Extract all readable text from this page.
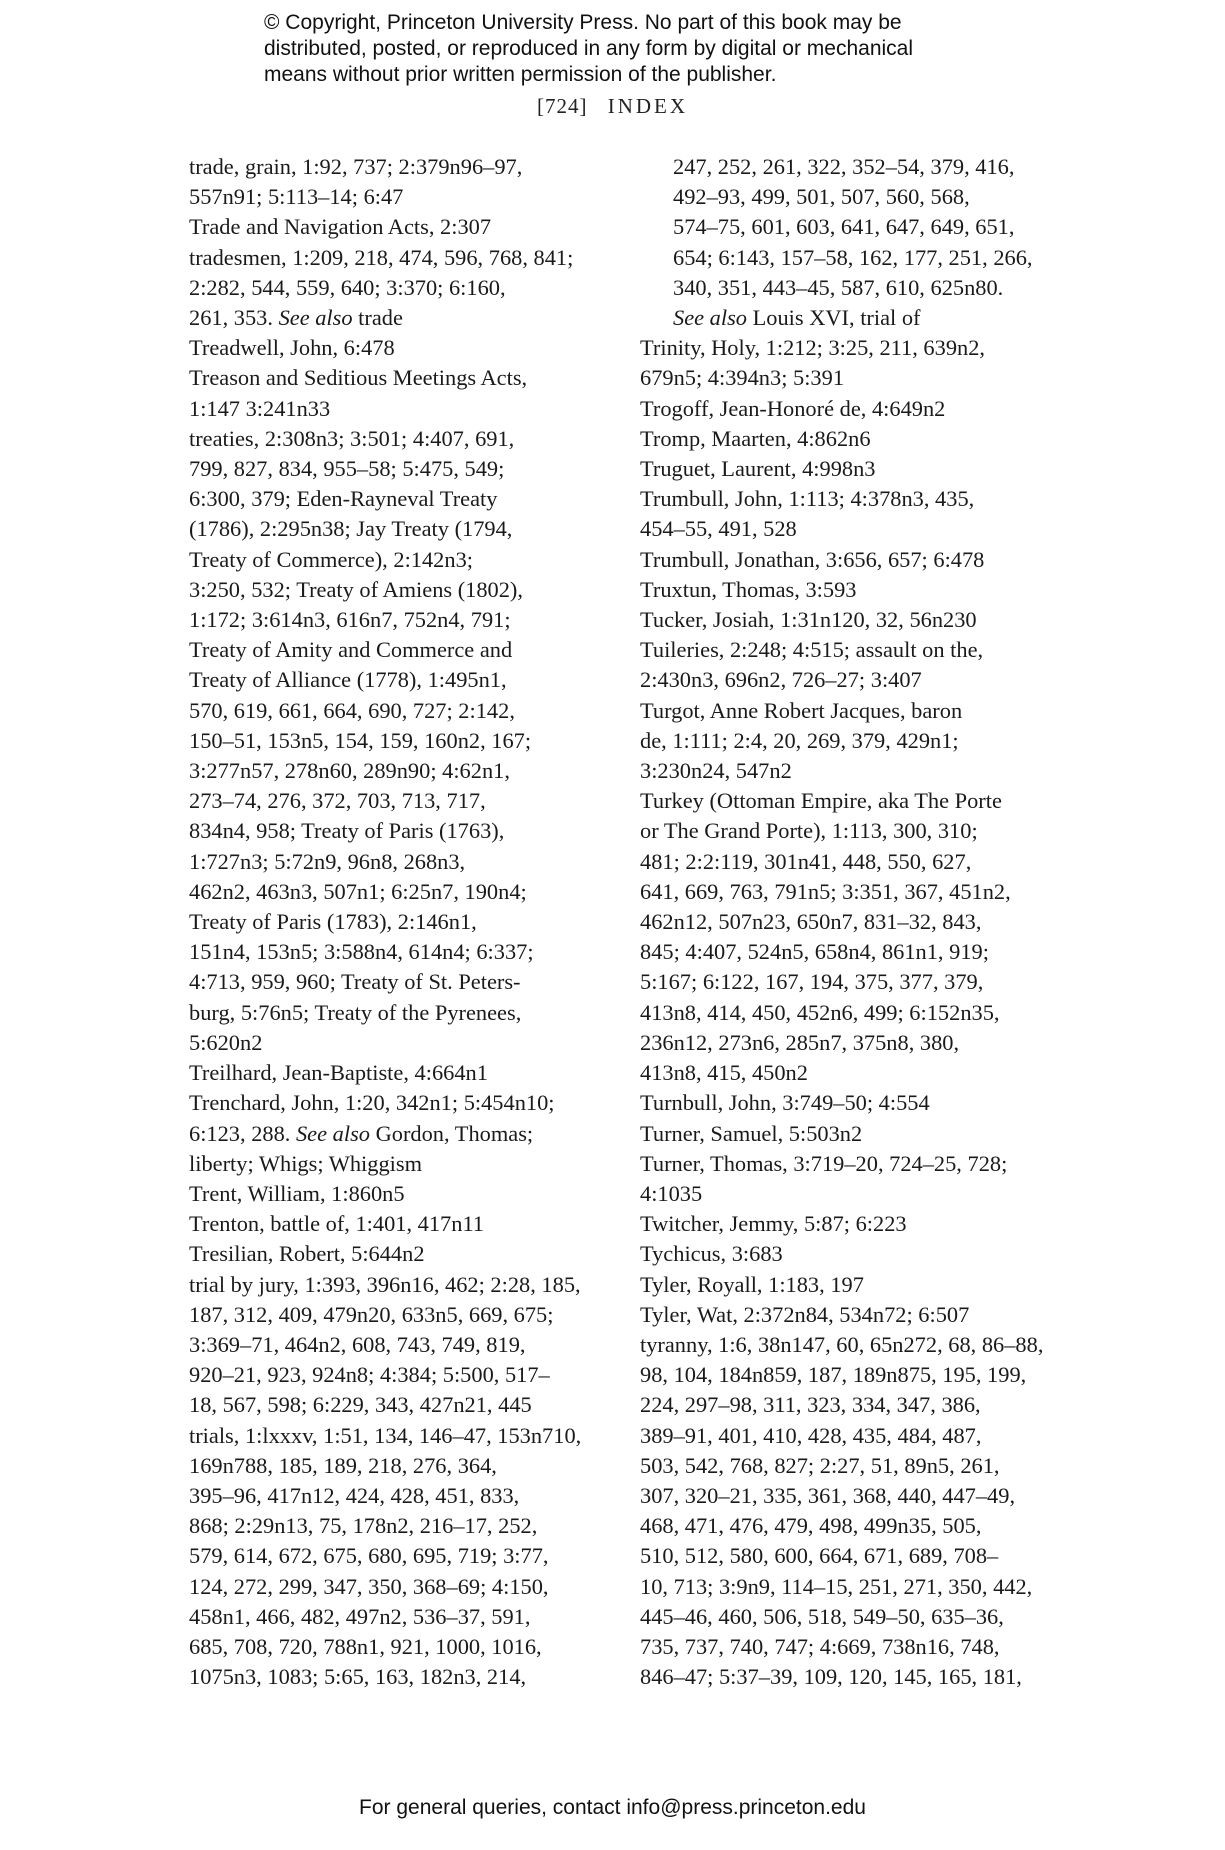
© Copyright, Princeton University Press. No part of this book may be
distributed, posted, or reproduced in any form by digital or mechanical
means without prior written permission of the publisher.
[724] INDEX
trade, grain, 1:92, 737; 2:379n96–97,
557n91; 5:113–14; 6:47
Trade and Navigation Acts, 2:307
tradesmen, 1:209, 218, 474, 596, 768, 841;
2:282, 544, 559, 640; 3:370; 6:160,
261, 353. See also trade
Treadwell, John, 6:478
Treason and Seditious Meetings Acts,
1:147 3:241n33
treaties, 2:308n3; 3:501; 4:407, 691,
799, 827, 834, 955–58; 5:475, 549;
6:300, 379; Eden-Rayneval Treaty
(1786), 2:295n38; Jay Treaty (1794,
Treaty of Commerce), 2:142n3;
3:250, 532; Treaty of Amiens (1802),
1:172; 3:614n3, 616n7, 752n4, 791;
Treaty of Amity and Commerce and
Treaty of Alliance (1778), 1:495n1,
570, 619, 661, 664, 690, 727; 2:142,
150–51, 153n5, 154, 159, 160n2, 167;
3:277n57, 278n60, 289n90; 4:62n1,
273–74, 276, 372, 703, 713, 717,
834n4, 958; Treaty of Paris (1763),
1:727n3; 5:72n9, 96n8, 268n3,
462n2, 463n3, 507n1; 6:25n7, 190n4;
Treaty of Paris (1783), 2:146n1,
151n4, 153n5; 3:588n4, 614n4; 6:337;
4:713, 959, 960; Treaty of St. Peters-
burg, 5:76n5; Treaty of the Pyrenees,
5:620n2
Treilhard, Jean-Baptiste, 4:664n1
Trenchard, John, 1:20, 342n1; 5:454n10;
6:123, 288. See also Gordon, Thomas;
liberty; Whigs; Whiggism
Trent, William, 1:860n5
Trenton, battle of, 1:401, 417n11
Tresilian, Robert, 5:644n2
trial by jury, 1:393, 396n16, 462; 2:28, 185,
187, 312, 409, 479n20, 633n5, 669, 675;
3:369–71, 464n2, 608, 743, 749, 819,
920–21, 923, 924n8; 4:384; 5:500, 517–
18, 567, 598; 6:229, 343, 427n21, 445
trials, 1:lxxxv, 1:51, 134, 146–47, 153n710,
169n788, 185, 189, 218, 276, 364,
395–96, 417n12, 424, 428, 451, 833,
868; 2:29n13, 75, 178n2, 216–17, 252,
579, 614, 672, 675, 680, 695, 719; 3:77,
124, 272, 299, 347, 350, 368–69; 4:150,
458n1, 466, 482, 497n2, 536–37, 591,
685, 708, 720, 788n1, 921, 1000, 1016,
1075n3, 1083; 5:65, 163, 182n3, 214,
247, 252, 261, 322, 352–54, 379, 416,
492–93, 499, 501, 507, 560, 568,
574–75, 601, 603, 641, 647, 649, 651,
654; 6:143, 157–58, 162, 177, 251, 266,
340, 351, 443–45, 587, 610, 625n80.
See also Louis XVI, trial of
Trinity, Holy, 1:212; 3:25, 211, 639n2,
679n5; 4:394n3; 5:391
Trogoff, Jean-Honoré de, 4:649n2
Tromp, Maarten, 4:862n6
Truguet, Laurent, 4:998n3
Trumbull, John, 1:113; 4:378n3, 435,
454–55, 491, 528
Trumbull, Jonathan, 3:656, 657; 6:478
Truxtun, Thomas, 3:593
Tucker, Josiah, 1:31n120, 32, 56n230
Tuileries, 2:248; 4:515; assault on the,
2:430n3, 696n2, 726–27; 3:407
Turgot, Anne Robert Jacques, baron
de, 1:111; 2:4, 20, 269, 379, 429n1;
3:230n24, 547n2
Turkey (Ottoman Empire, aka The Porte
or The Grand Porte), 1:113, 300, 310;
481; 2:2:119, 301n41, 448, 550, 627,
641, 669, 763, 791n5; 3:351, 367, 451n2,
462n12, 507n23, 650n7, 831–32, 843,
845; 4:407, 524n5, 658n4, 861n1, 919;
5:167; 6:122, 167, 194, 375, 377, 379,
413n8, 414, 450, 452n6, 499; 6:152n35,
236n12, 273n6, 285n7, 375n8, 380,
413n8, 415, 450n2
Turnbull, John, 3:749–50; 4:554
Turner, Samuel, 5:503n2
Turner, Thomas, 3:719–20, 724–25, 728;
4:1035
Twitcher, Jemmy, 5:87; 6:223
Tychicus, 3:683
Tyler, Royall, 1:183, 197
Tyler, Wat, 2:372n84, 534n72; 6:507
tyranny, 1:6, 38n147, 60, 65n272, 68, 86–88,
98, 104, 184n859, 187, 189n875, 195, 199,
224, 297–98, 311, 323, 334, 347, 386,
389–91, 401, 410, 428, 435, 484, 487,
503, 542, 768, 827; 2:27, 51, 89n5, 261,
307, 320–21, 335, 361, 368, 440, 447–49,
468, 471, 476, 479, 498, 499n35, 505,
510, 512, 580, 600, 664, 671, 689, 708–
10, 713; 3:9n9, 114–15, 251, 271, 350, 442,
445–46, 460, 506, 518, 549–50, 635–36,
735, 737, 740, 747; 4:669, 738n16, 748,
846–47; 5:37–39, 109, 120, 145, 165, 181,
For general queries, contact info@press.princeton.edu
